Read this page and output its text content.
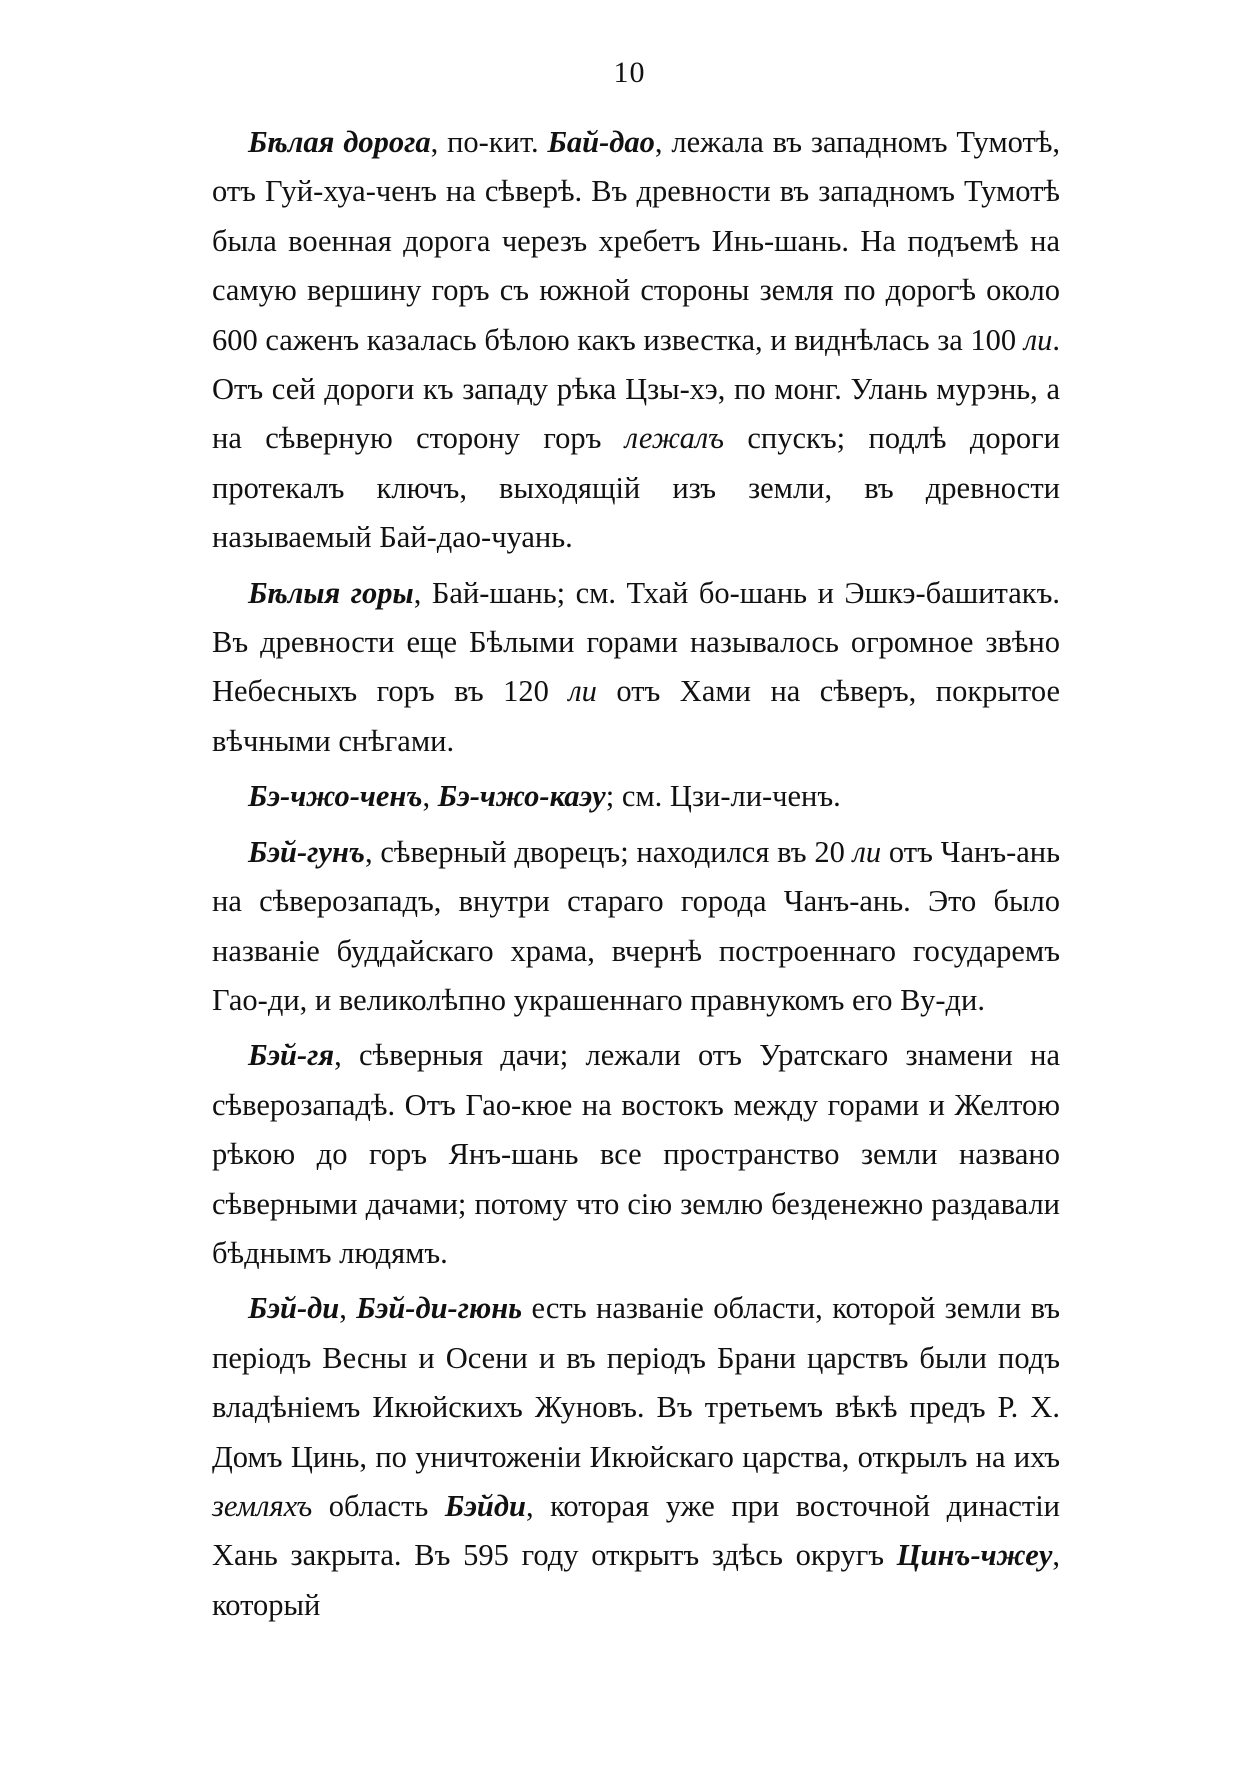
10

Бѣлая дорога, по-кит. Бай-дао, лежала въ западномъ Тумотѣ, отъ Гуй-хуа-ченъ на сѣверѣ. Въ древности въ западномъ Тумотѣ была военная дорога черезъ хребетъ Инь-шань. На подъемѣ на самую вершину горъ съ южной стороны земля по дорогѣ около 600 саженъ казалась бѣлою какъ известка, и виднѣлась за 100 ли. Отъ сей дороги къ западу рѣка Цзы-хэ, по монг. Улань мурэнь, а на сѣверную сторону горъ лежалъ спускъ; подлѣ дороги протекалъ ключъ, выходящій изъ земли, въ древности называемый Бай-дао-чуань.

Бѣлыя горы, Бай-шань; см. Тхай бо-шань и Эшкэ-башитакъ. Въ древности еще Бѣлыми горами называлось огромное звѣно Небесныхъ горъ въ 120 ли отъ Хами на сѣверъ, покрытое вѣчными снѣгами.

Бэ-чжо-ченъ, Бэ-чжо-каэу; см. Цзи-ли-ченъ.

Бэй-гунъ, сѣверный дворецъ; находился въ 20 ли отъ Чанъ-ань на сѣверозападъ, внутри стараго города Чанъ-ань. Это было названіе буддайскаго храма, вчернѣ построеннаго государемъ Гао-ди, и великолѣпно украшеннаго правнукомъ его Ву-ди.

Бэй-гя, сѣверныя дачи; лежали отъ Уратскаго знамени на сѣверозападѣ. Отъ Гао-кюе на востокъ между горами и Желтою рѣкою до горъ Янъ-шань все пространство земли названо сѣверными дачами; потому что сію землю безденежно раздавали бѣднымъ людямъ.

Бэй-ди, Бэй-ди-гюнь есть названіе области, которой земли въ періодъ Весны и Осени и въ періодъ Брани царствъ были подъ владѣніемъ Икюйскихъ Жуновъ. Въ третьемъ вѣкѣ предъ Р. Х. Домъ Цинь, по уничтоженіи Икюйскаго царства, открылъ на ихъ земляхъ область Бэйди, которая уже при восточной династіи Хань закрыта. Въ 595 году открытъ здѣсь округъ Цинъ-чжеу, который
